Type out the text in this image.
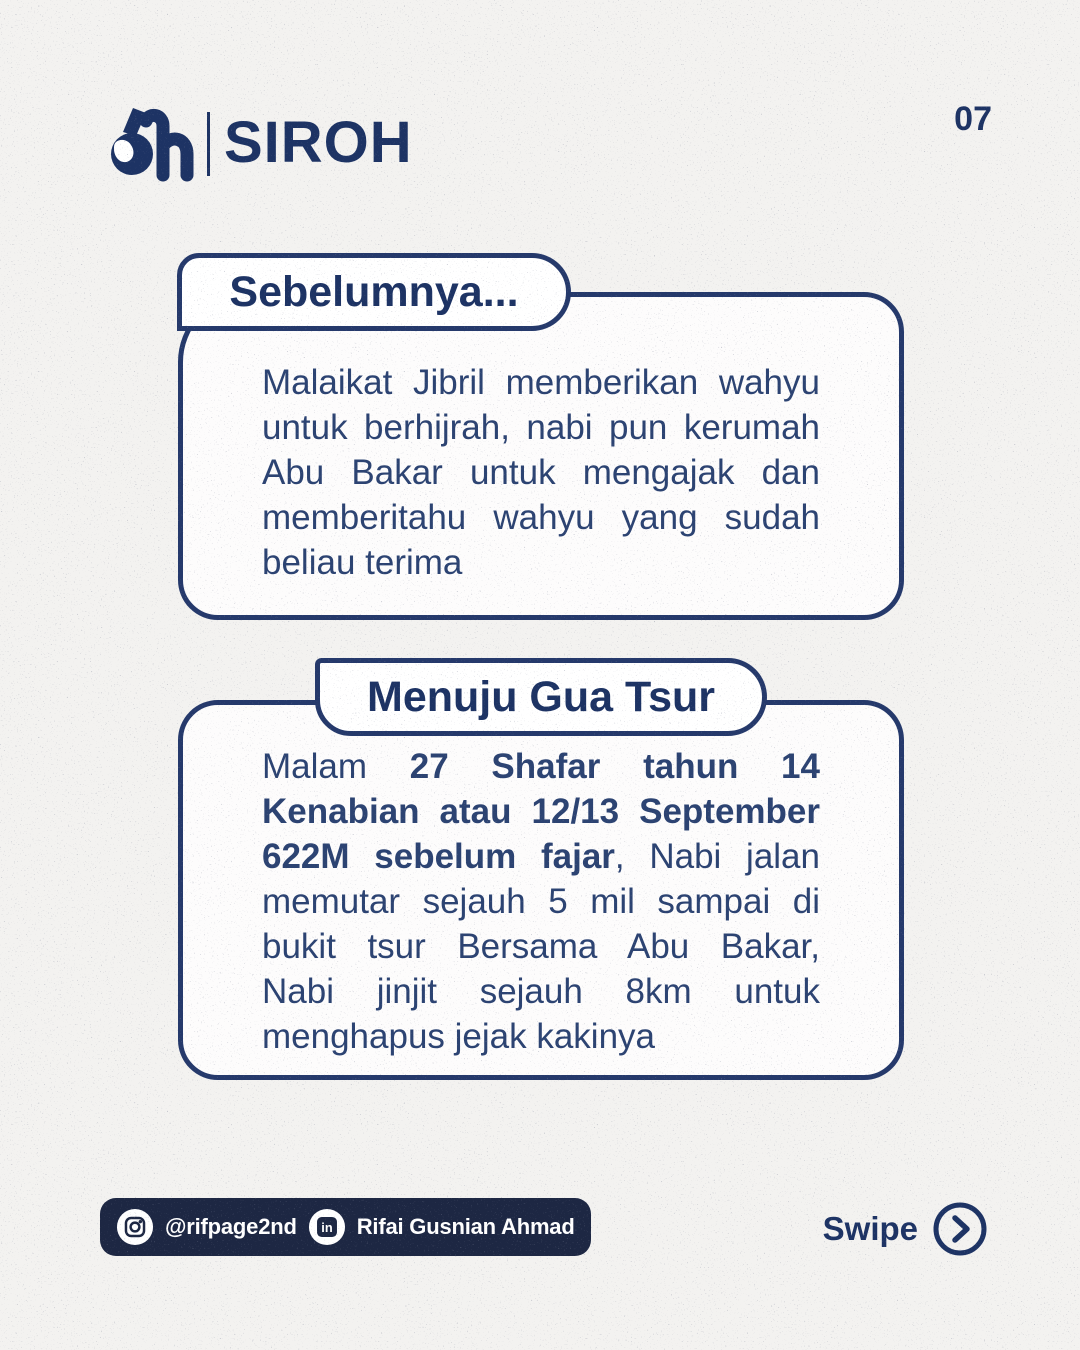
SIROH	07
Sebelumnya...
Malaikat Jibril memberikan wahyu
untuk berhijrah, nabi pun kerumah
Abu Bakar untuk mengajak dan
memberitahu wahyu yang sudah
beliau terima
Menuju Gua Tsur
Malam 27 Shafar tahun 14
Kenabian atau 12/13 September
622M sebelum fajar, Nabi jalan
memutar sejauh 5 mil sampai di
bukit tsur Bersama Abu Bakar,
Nabi jinjit sejauh 8km untuk
menghapus jejak kakinya
@rifpage2nd in Rifai Gusnian Ahmad	Swipe
